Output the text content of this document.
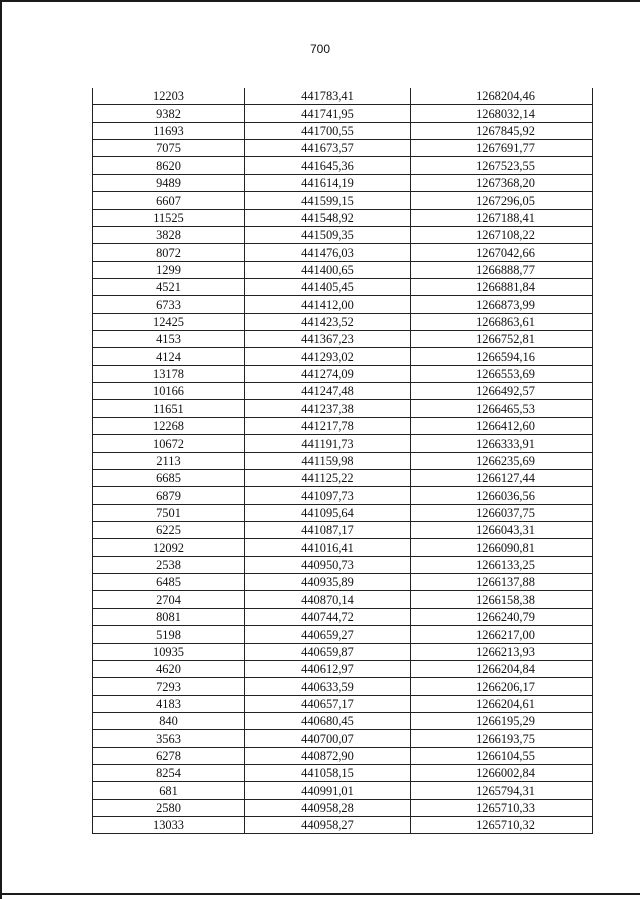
700
12203	441783,41	1268204,46
9382	441741,95	1268032,14
11693	441700,55	1267845,92
7075	441673,57	1267691,77
8620	441645,36	1267523,55
9489	441614,19	1267368,20
6607	441599,15	1267296,05
11525	441548,92	1267188,41
3828	441509,35	1267108,22
8072	441476,03	1267042,66
1299	441400,65	1266888,77
4521	441405,45	1266881,84
6733	441412,00	1266873,99
12425	441423,52	1266863,61
4153	441367,23	1266752,81
4124	441293,02	1266594,16
13178	441274,09	1266553,69
10166	441247,48	1266492,57
11651	441237,38	1266465,53
12268	441217,78	1266412,60
10672	441191,73	1266333,91
2113	441159,98	1266235,69
6685	441125,22	1266127,44
6879	441097,73	1266036,56
7501	441095,64	1266037,75
6225	441087,17	1266043,31
12092	441016,41	1266090,81
2538	440950,73	1266133,25
6485	440935,89	1266137,88
2704	440870,14	1266158,38
8081	440744,72	1266240,79
5198	440659,27	1266217,00
10935	440659,87	1266213,93
4620	440612,97	1266204,84
7293	440633,59	1266206,17
4183	440657,17	1266204,61
840	440680,45	1266195,29
3563	440700,07	1266193,75
6278	440872,90	1266104,55
8254	441058,15	1266002,84
681	440991,01	1265794,31
2580	440958,28	1265710,33
13033	440958,27	1265710,32
